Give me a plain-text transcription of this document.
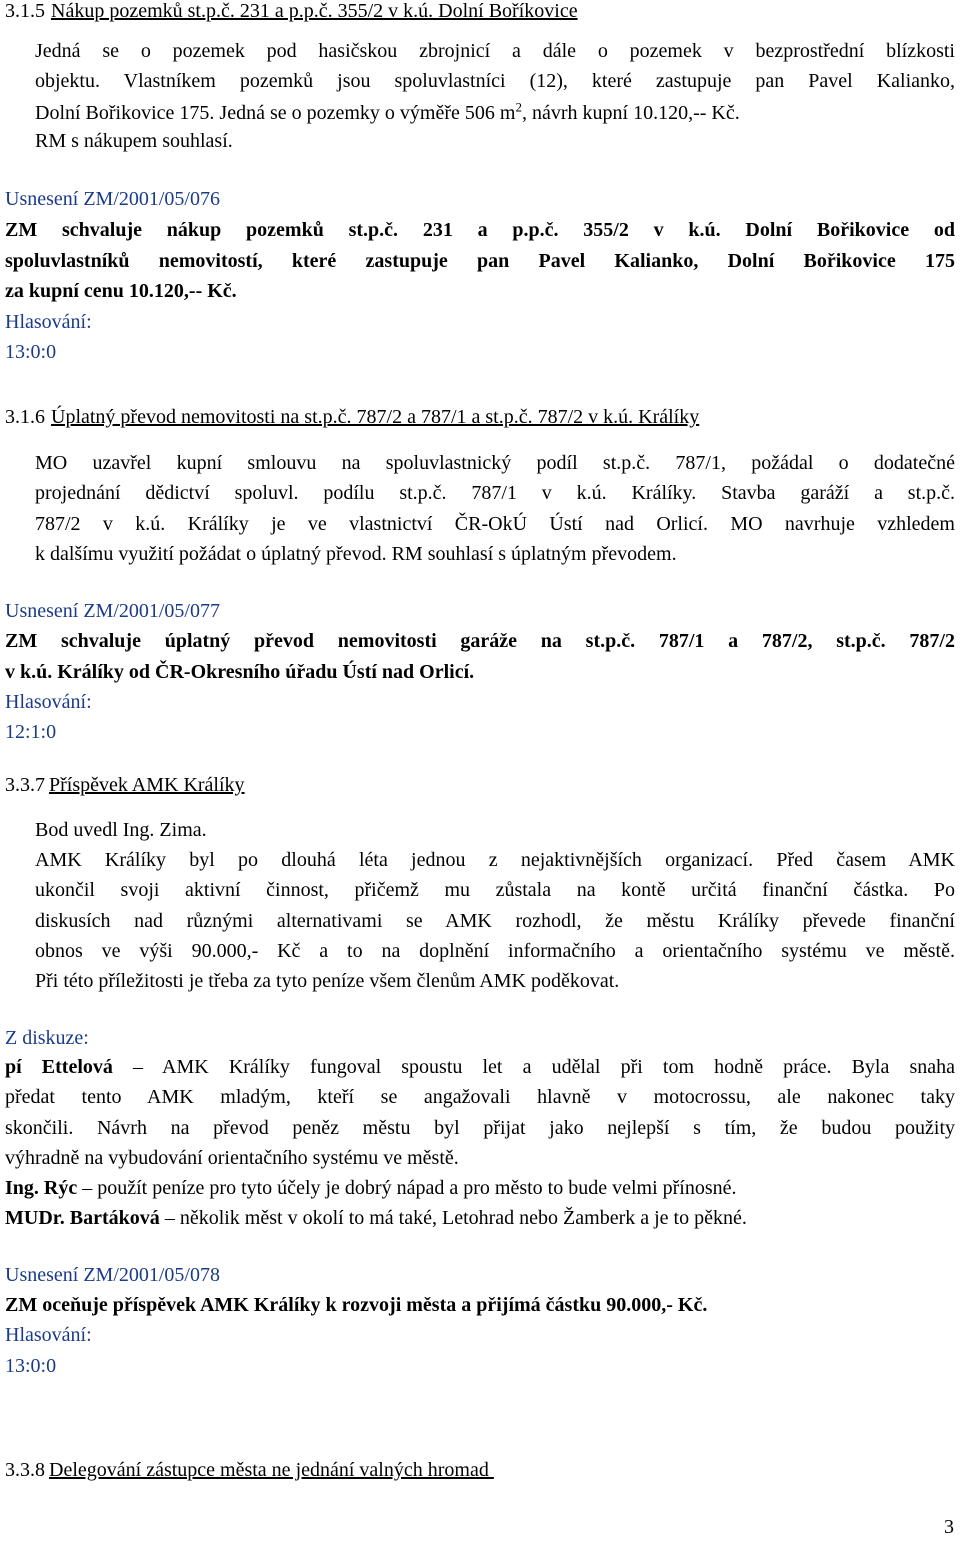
3.1.5 Nákup pozemků st.p.č. 231 a p.p.č. 355/2 v k.ú. Dolní Boříkovice
Jedná se o pozemek pod hasičskou zbrojnicí a dále o pozemek v bezprostřední blízkosti
objektu. Vlastníkem pozemků jsou spoluvlastníci (12), které zastupuje pan Pavel Kalianko,
Dolní Bořikovice 175. Jedná se o pozemky o výměře 506 $m^2$, návrh kupní 10.120,-- Kč.
RM s nákupem souhlasí.
Usnesení ZM/2001/05/076
ZM schvaluje nákup pozemků st.p.č. 231 a p.p.č. 355/2 v k.ú. Dolní Bořikovice od
spoluvlastníků nemovitostí, které zastupuje pan Pavel Kalianko, Dolní Bořikovice 175
za kupní cenu 10.120,-- Kč.
Hlasování:
13:0:0
3.1.6 Úplatný převod nemovitosti na st.p.č. 787/2 a 787/1 a st.p.č. 787/2 v k.ú. Králíky
MO uzavřel kupní smlouvu na spoluvlastnický podíl st.p.č. 787/1, požádal o dodatečné
projednání dědictví spoluvl. podílu st.p.č. 787/1 v k.ú. Králíky. Stavba garáží a st.p.č.
787/2 v k.ú. Králíky je ve vlastnictví ČR-OkÚ Ústí nad Orlicí. MO navrhuje vzhledem
k dalšímu využití požádat o úplatný převod. RM souhlasí s úplatným převodem.
Usnesení ZM/2001/05/077
ZM schvaluje úplatný převod nemovitosti garáže na st.p.č. 787/1 a 787/2, st.p.č. 787/2
v k.ú. Králíky od ČR-Okresního úřadu Ústí nad Orlicí.
Hlasování:
12:1:0
3.3.7 Příspěvek AMK Králíky
Bod uvedl Ing. Zima.
AMK Králíky byl po dlouhá léta jednou z nejaktivnějších organizací. Před časem AMK
ukončil svoji aktivní činnost, přičemž mu zůstala na kontě určitá finanční částka. Po
diskusích nad různými alternativami se AMK rozhodl, že městu Králíky převede finanční
obnos ve výši 90.000,- Kč a to na doplnění informačního a orientačního systému ve městě.
Při této příležitosti je třeba za tyto peníze všem členům AMK poděkovat.
Z diskuze:
pí Ettelová – AMK Králíky fungoval spoustu let a udělal při tom hodně práce. Byla snaha
předat tento AMK mladým, kteří se angažovali hlavně v motocrossu, ale nakonec taky
skončili. Návrh na převod peněz městu byl přijat jako nejlepší s tím, že budou použity
výhradně na vybudování orientačního systému ve městě.
Ing. Rýc – použít peníze pro tyto účely je dobrý nápad a pro město to bude velmi přínosné.
MUDr. Bartáková – několik měst v okolí to má také, Letohrad nebo Žamberk a je to pěkné.
Usnesení ZM/2001/05/078
ZM oceňuje příspěvek AMK Králíky k rozvoji města a přijímá částku 90.000,- Kč.
Hlasování:
13:0:0
3.3.8 Delegování zástupce města ne jednání valných hromad
3
